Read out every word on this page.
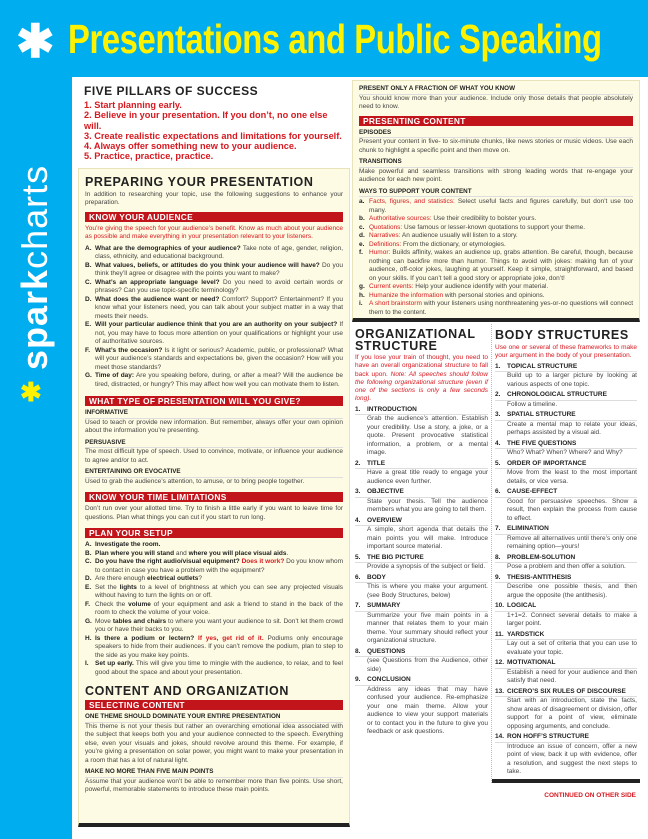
✱ Presentations and Public Speaking
✱
sparkcharts
FIVE PILLARS OF SUCCESS
1. Start planning early.
2. Believe in your presentation. If you don’t, no one else will.
3. Create realistic expectations and limitations for yourself.
4. Always offer something new to your audience.
5. Practice, practice, practice.
PREPARING YOUR PRESENTATION

In addition to researching your topic, use the following suggestions to enhance your preparation.

KNOW YOUR AUDIENCE

You’re giving the speech for your audience’s benefit. Know as much about your audience as possible and make everything in your presentation relevant to your listeners.

A. What are the demographics of your audience? Take note of age, gender, religion, class, ethnicity, and educational background.
B. What values, beliefs, or attitudes do you think your audience will have? Do you think they’ll agree or disagree with the points you want to make?
C. What’s an appropriate language level? Do you need to avoid certain words or phrases? Can you use topic-specific terminology?
D. What does the audience want or need? Comfort? Support? Entertainment? If you know what your listeners need, you can talk about your subject matter in a way that meets their needs.
E. Will your particular audience think that you are an authority on your subject? If not, you may have to focus more attention on your qualifications or highlight your use of authoritative sources.
F. What’s the occasion? Is it light or serious? Academic, public, or professional? What will your audience’s standards and expectations be, given the occasion? How will you meet those standards?
G. Time of day: Are you speaking before, during, or after a meal? Will the audience be tired, distracted, or hungry? This may affect how well you can motivate them to listen.
WHAT TYPE OF PRESENTATION WILL YOU GIVE?
INFORMATIVE

Used to teach or provide new information. But remember, always offer your own opinion about the information you’re presenting.

PERSUASIVE

The most difficult type of speech. Used to convince, motivate, or influence your audience to agree and/or to act.

ENTERTAINING OR EVOCATIVE

Used to grab the audience’s attention, to amuse, or to bring people together.

KNOW YOUR TIME LIMITATIONS

Don’t run over your allotted time. Try to finish a little early if you want to leave time for questions. Plan what things you can cut if you start to run long.

PLAN YOUR SETUP
A. Investigate the room.
B. Plan where you will stand and where you will place visual aids.
C. Do you have the right audio/visual equipment? Does it work? Do you know whom to contact in case you have a problem with the equipment?
D. Are there enough electrical outlets?
E. Set the lights to a level of brightness at which you can see any projected visuals without having to turn the lights on or off.
F. Check the volume of your equipment and ask a friend to stand in the back of the room to check the volume of your voice.
G. Move tables and chairs to where you want your audience to sit. Don’t let them crowd you or have their backs to you.
H. Is there a podium or lectern? If yes, get rid of it. Podiums only encourage speakers to hide from their audiences. If you can’t remove the podium, plan to step to the side as you make key points.
I. Set up early. This will give you time to mingle with the audience, to relax, and to feel good about the space and about your presentation.
CONTENT AND ORGANIZATION
SELECTING CONTENT
ONE THEME SHOULD DOMINATE YOUR ENTIRE PRESENTATION

This theme is not your thesis but rather an overarching emotional idea associated with the subject that keeps both you and your audience connected to the speech. Everything else, even your visuals and jokes, should revolve around this theme. For example, if you’re giving a presentation on solar power, you might want to make your presentation in a room that has a lot of natural light.

MAKE NO MORE THAN FIVE MAIN POINTS

Assume that your audience won’t be able to remember more than five points. Use short, powerful, memorable statements to introduce these main points.

PRESENT ONLY A FRACTION OF WHAT YOU KNOW

You should know more than your audience. Include only those details that people absolutely need to know.

PRESENTING CONTENT
EPISODES

Present your content in five- to six-minute chunks, like news stories or music videos. Use each chunk to highlight a specific point and then move on.

TRANSITIONS

Make powerful and seamless transitions with strong leading words that re-engage your audience for each new point.

WAYS TO SUPPORT YOUR CONTENT
a. Facts, figures, and statistics: Select useful facts and figures carefully, but don’t use too many.
b. Authoritative sources: Use their credibility to bolster yours.
c. Quotations: Use famous or lesser-known quotations to support your theme.
d. Narratives: An audience usually will listen to a story.
e. Definitions: From the dictionary, or etymologies.
f. Humor: Builds affinity, wakes an audience up, grabs attention. Be careful, though, because nothing can backfire more than humor. Things to avoid with jokes: making fun of your audience, off-color jokes, laughing at yourself. Keep it simple, straightforward, and based on your skills. If you can’t tell a good story or appropriate joke, don’t!
g. Current events: Help your audience identify with your material.
h. Humanize the information with personal stories and opinions.
i. A short brainstorm with your listeners using nonthreatening yes-or-no questions will connect them to the content.
ORGANIZATIONAL STRUCTURE
If you lose your train of thought, you need to have an overall organizational structure to fall back upon. Note: All speeches should follow the following organizational structure (even if one of the sections is only a few seconds long).
1. INTRODUCTION
Grab the audience’s attention. Establish your credibility. Use a story, a joke, or a quote. Present provocative statistical information, a problem, or a mental image.
2. TITLE
Have a great title ready to engage your audience even further.
3. OBJECTIVE
State your thesis. Tell the audience members what you are going to tell them.
4. OVERVIEW
A simple, short agenda that details the main points you will make. Introduce important source material.
5. THE BIG PICTURE
Provide a synopsis of the subject or field.
6. BODY
This is where you make your argument. (see Body Structures, below)
7. SUMMARY
Summarize your five main points in a manner that relates them to your main theme. Your summary should reflect your organizational structure.
8. QUESTIONS
(see Questions from the Audience, other side)
9. CONCLUSION
Address any ideas that may have confused your audience. Re-emphasize your one main theme. Allow your audience to view your support materials or to contact you in the future to give you feedback or ask questions.
BODY STRUCTURES
Use one or several of these frameworks to make your argument in the body of your presentation.
1. TOPICAL STRUCTURE
Build up to a larger picture by looking at various aspects of one topic.
2. CHRONOLOGICAL STRUCTURE
Follow a timeline.
3. SPATIAL STRUCTURE
Create a mental map to relate your ideas, perhaps assisted by a visual aid.
4. THE FIVE QUESTIONS
Who? What? When? Where? and Why?
5. ORDER OF IMPORTANCE
Move from the least to the most important details, or vice versa.
6. CAUSE-EFFECT
Good for persuasive speeches. Show a result, then explain the process from cause to effect.
7. ELIMINATION
Remove all alternatives until there’s only one remaining option—yours!
8. PROBLEM-SOLUTION
Pose a problem and then offer a solution.
9. THESIS-ANTITHESIS
Describe one possible thesis, and then argue the opposite (the antithesis).
10. LOGICAL
1+1=2. Connect several details to make a larger point.
11. YARDSTICK
Lay out a set of criteria that you can use to evaluate your topic.
12. MOTIVATIONAL
Establish a need for your audience and then satisfy that need.
13. CICERO’S SIX RULES OF DISCOURSE
Start with an introduction, state the facts, show areas of disagreement or division, offer support for a point of view, eliminate opposing arguments, and conclude.
14. RON HOFF’S STRUCTURE
Introduce an issue of concern, offer a new point of view, back it up with evidence, offer a resolution, and suggest the next steps to take.
CONTINUED ON OTHER SIDE
